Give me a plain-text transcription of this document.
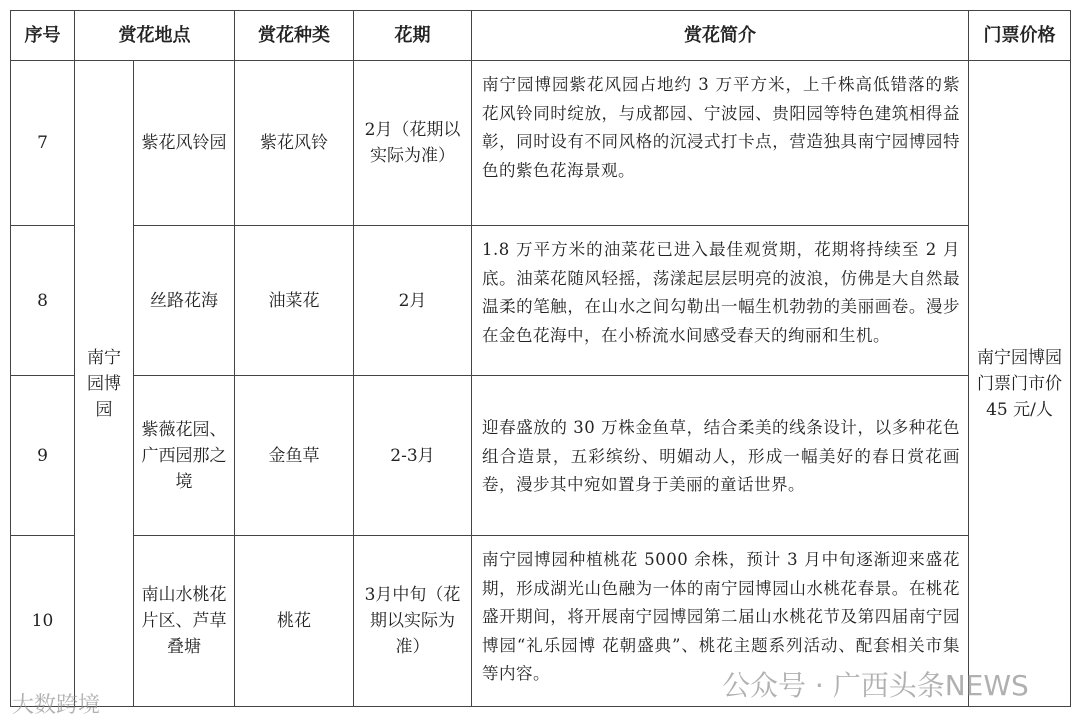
序号	赏花地点		赏花种类	花期	赏花简介	门票价格
7	南宁园博园	紫花风铃园	紫花风铃	2月（花期以实际为准）	南宁园博园紫花风园占地约 3 万平方米，上千株高低错落的紫花风铃同时绽放，与成都园、宁波园、贵阳园等特色建筑相得益彰，同时设有不同风格的沉浸式打卡点，营造独具南宁园博园特色的紫色花海景观。	南宁园博园门票门市价 45 元/人
8		丝路花海	油菜花	2月	1.8 万平方米的油菜花已进入最佳观赏期，花期将持续至 2 月底。油菜花随风轻摇，荡漾起层层明亮的波浪，仿佛是大自然最温柔的笔触，在山水之间勾勒出一幅生机勃勃的美丽画卷。漫步在金色花海中，在小桥流水间感受春天的绚丽和生机。	
9		紫薇花园、广西园那之境	金鱼草	2-3月	迎春盛放的 30 万株金鱼草，结合柔美的线条设计，以多种花色组合造景，五彩缤纷、明媚动人，形成一幅美好的春日赏花画卷，漫步其中宛如置身于美丽的童话世界。	
10		南山水桃花片区、芦草叠塘	桃花	3月中旬（花期以实际为准）	南宁园博园种植桃花 5000 余株，预计 3 月中旬逐渐迎来盛花期，形成湖光山色融为一体的南宁园博园山水桃花春景。在桃花盛开期间，将开展南宁园博园第二届山水桃花节及第四届南宁园博园“礼乐园博 花朝盛典”、桃花主题系列活动、配套相关市集等内容。	
大数跨境
公众号 · 广西头条NEWS
